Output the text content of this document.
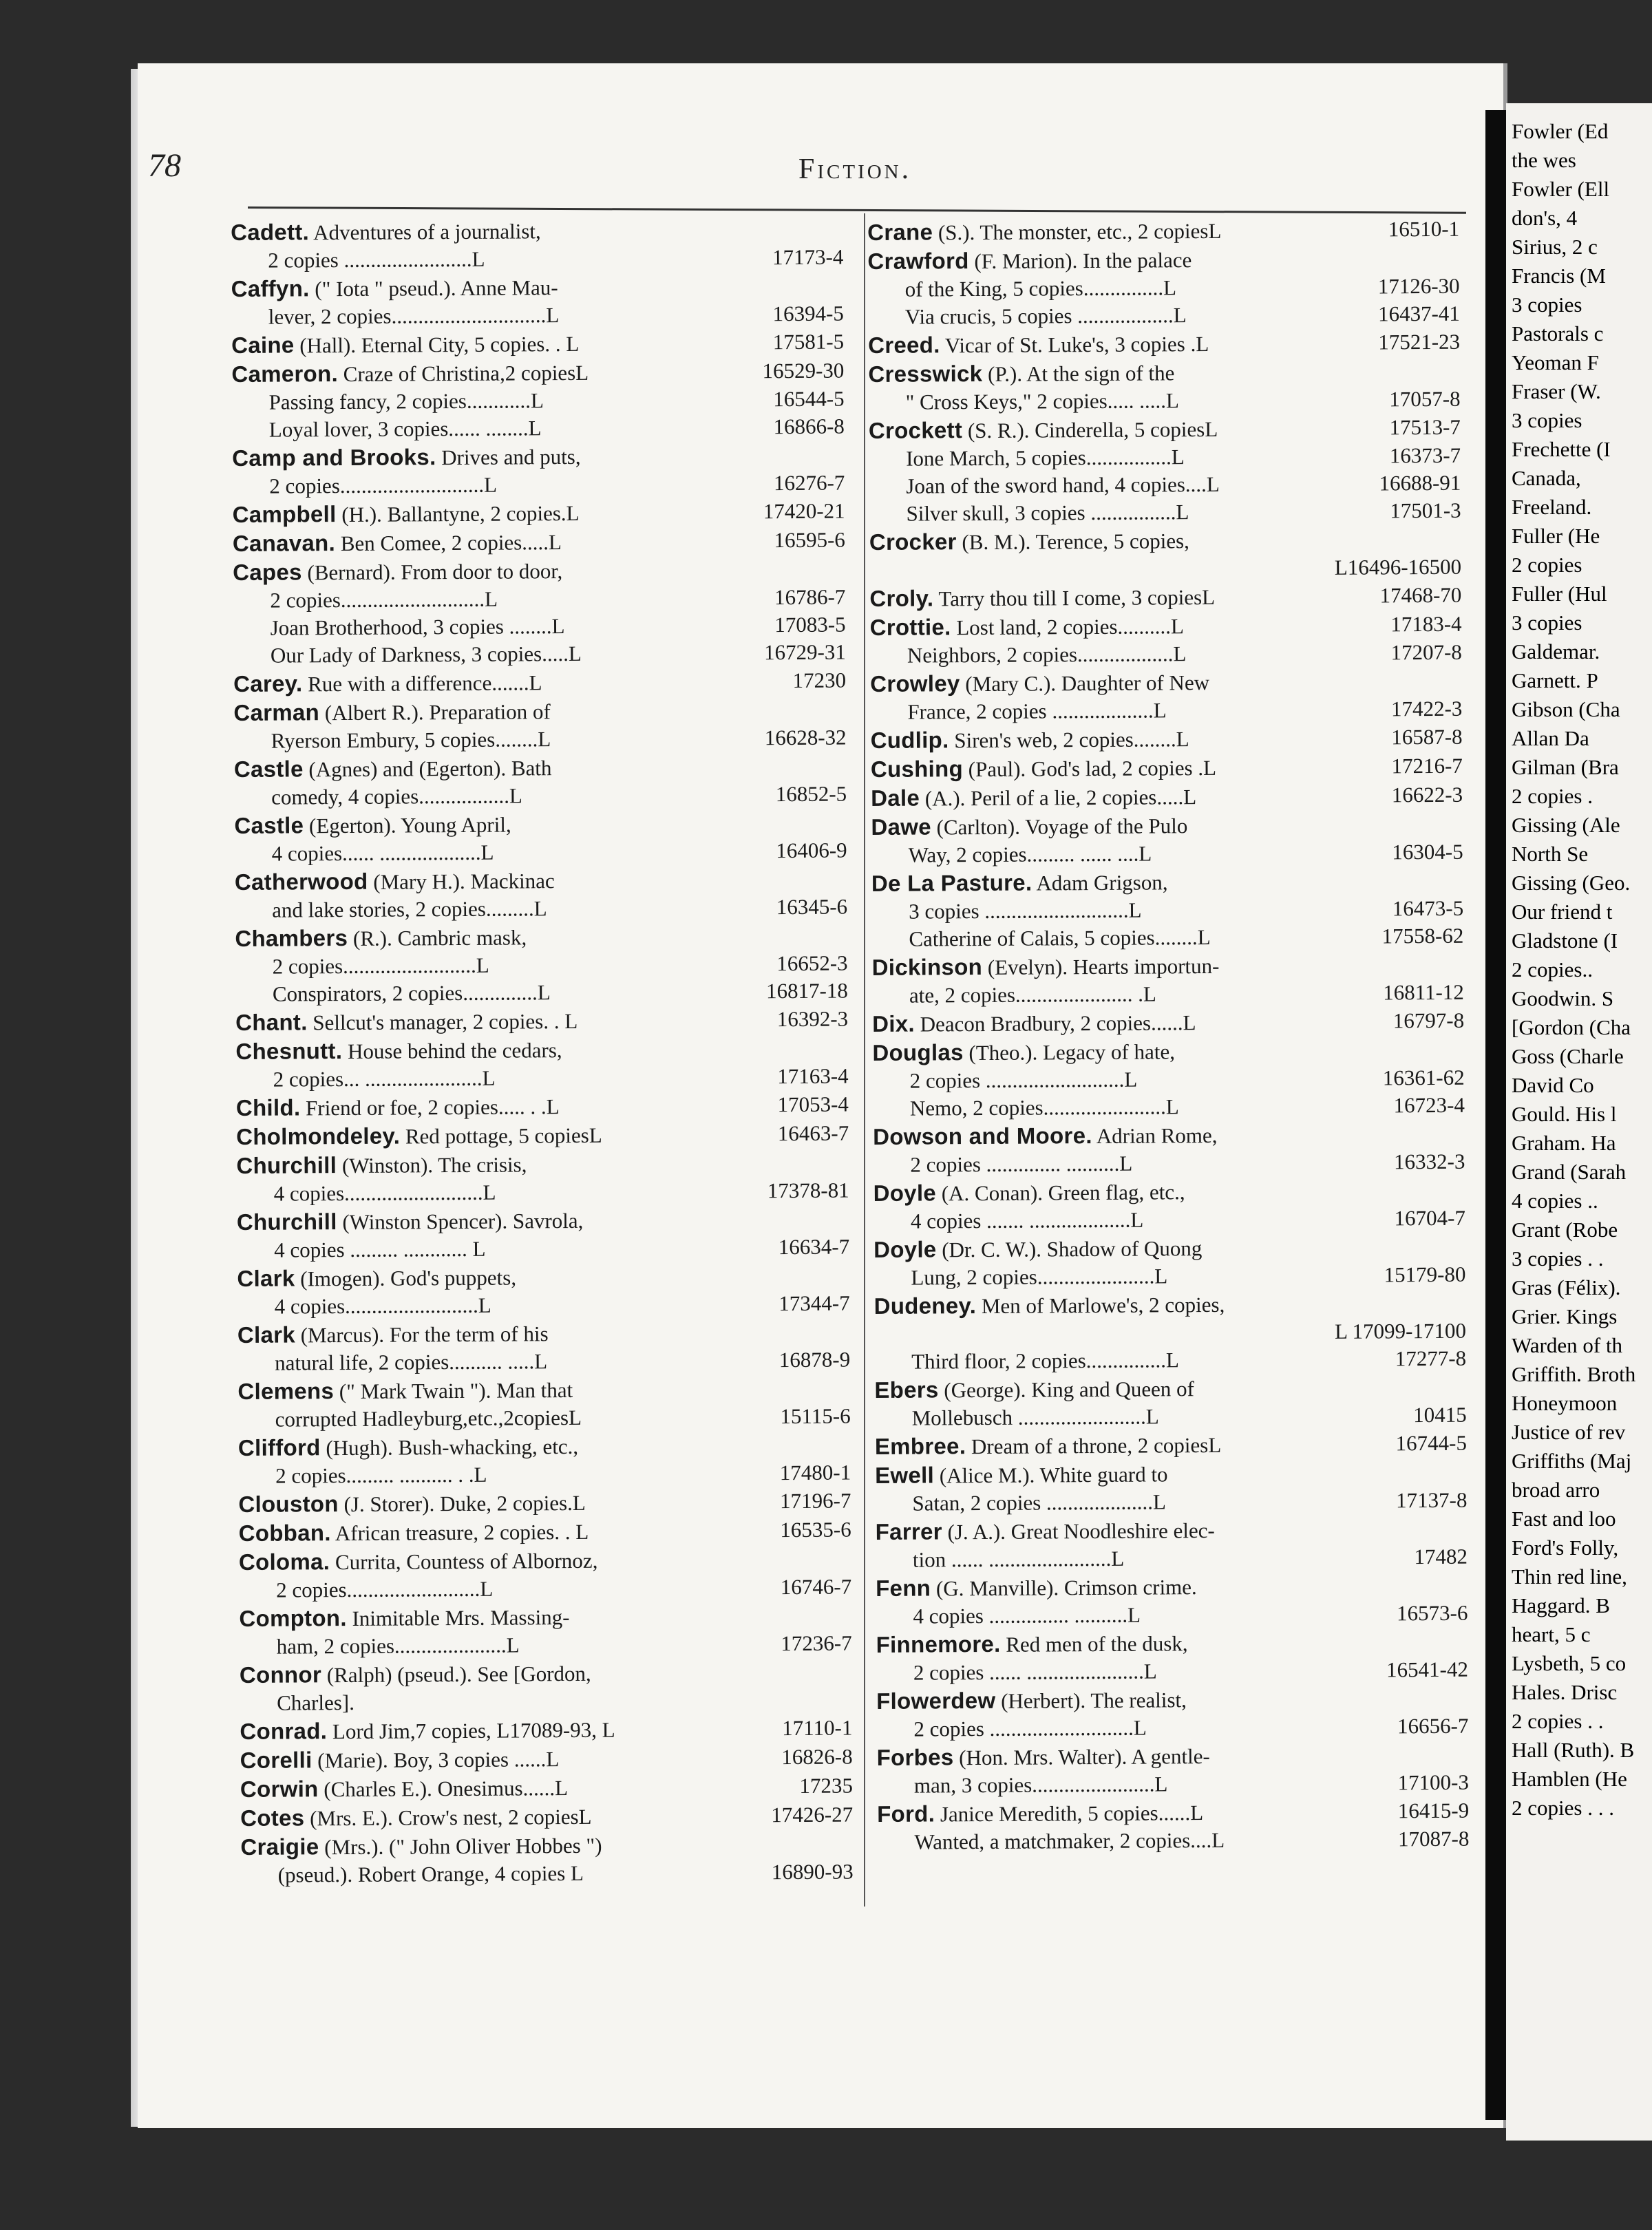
Fowler (Ed
the wes
Fowler (Ell
don's, 4
Sirius, 2 c
Francis (M
3 copies
Pastorals c
Yeoman F
Fraser (W.
3 copies
Frechette (I
Canada,
Freeland.
Fuller (He
2 copies
Fuller (Hul
3 copies
Galdemar.
Garnett. P
Gibson (Cha
Allan Da
Gilman (Bra
2 copies .
Gissing (Ale
North Se
Gissing (Geo.
Our friend t
Gladstone (I
2 copies..
Goodwin. S
[Gordon (Cha
Goss (Charle
David Co
Gould. His l
Graham. Ha
Grand (Sarah
4 copies ..
Grant (Robe
3 copies . .
Gras (Félix).
Grier. Kings
Warden of th
Griffith. Broth
Honeymoon
Justice of rev
Griffiths (Maj
broad arro
Fast and loo
Ford's Folly,
Thin red line,
Haggard. B
heart, 5 c
Lysbeth, 5 co
Hales. Drisc
2 copies . .
Hall (Ruth). B
Hamblen (He
2 copies . . .
78	Fiction.
Cadett. Adventures of a journalist,
2 copies ........................L	17173-4
Caffyn. (" Iota " pseud.). Anne Mau-
lever, 2 copies.............................L	16394-5
Caine (Hall). Eternal City, 5 copies. . L	17581-5
Cameron. Craze of Christina,2 copiesL	16529-30
Passing fancy, 2 copies............L	16544-5
Loyal lover, 3 copies...... ........L	16866-8
Camp and Brooks. Drives and puts,
2 copies...........................L	16276-7
Campbell (H.). Ballantyne, 2 copies.L	17420-21
Canavan. Ben Comee, 2 copies.....L	16595-6
Capes (Bernard). From door to door,
2 copies...........................L	16786-7
Joan Brotherhood, 3 copies ........L	17083-5
Our Lady of Darkness, 3 copies.....L	16729-31
Carey. Rue with a difference.......L	17230
Carman (Albert R.). Preparation of
Ryerson Embury, 5 copies........L	16628-32
Castle (Agnes) and (Egerton). Bath
comedy, 4 copies.................L	16852-5
Castle (Egerton). Young April,
4 copies...... ...................L	16406-9
Catherwood (Mary H.). Mackinac
and lake stories, 2 copies.........L	16345-6
Chambers (R.). Cambric mask,
2 copies.........................L	16652-3
Conspirators, 2 copies..............L	16817-18
Chant. Sellcut's manager, 2 copies. . L	16392-3
Chesnutt. House behind the cedars,
2 copies... ......................L	17163-4
Child. Friend or foe, 2 copies..... . .L	17053-4
Cholmondeley. Red pottage, 5 copiesL	16463-7
Churchill (Winston). The crisis,
4 copies..........................L	17378-81
Churchill (Winston Spencer). Savrola,
4 copies ......... ............ L	16634-7
Clark (Imogen). God's puppets,
4 copies.........................L	17344-7
Clark (Marcus). For the term of his
natural life, 2 copies.......... .....L	16878-9
Clemens (" Mark Twain "). Man that
corrupted Hadleyburg,etc.,2copiesL	15115-6
Clifford (Hugh). Bush-whacking, etc.,
2 copies......... .......... . .L	17480-1
Clouston (J. Storer). Duke, 2 copies.L	17196-7
Cobban. African treasure, 2 copies. . L	16535-6
Coloma. Currita, Countess of Albornoz,
2 copies.........................L	16746-7
Compton. Inimitable Mrs. Massing-
ham, 2 copies.....................L	17236-7
Connor (Ralph) (pseud.). See [Gordon,
Charles].
Conrad. Lord Jim,7 copies, L17089-93, L	17110-1
Corelli (Marie). Boy, 3 copies ......L	16826-8
Corwin (Charles E.). Onesimus......L	17235
Cotes (Mrs. E.). Crow's nest, 2 copiesL	17426-27
Craigie (Mrs.). (" John Oliver Hobbes ")
(pseud.). Robert Orange, 4 copies L	16890-93
Crane (S.). The monster, etc., 2 copiesL	16510-1
Crawford (F. Marion). In the palace
of the King, 5 copies...............L	17126-30
Via crucis, 5 copies ..................L	16437-41
Creed. Vicar of St. Luke's, 3 copies .L	17521-23
Cresswick (P.). At the sign of the
" Cross Keys," 2 copies..... .....L	17057-8
Crockett (S. R.). Cinderella, 5 copiesL	17513-7
Ione March, 5 copies................L	16373-7
Joan of the sword hand, 4 copies....L	16688-91
Silver skull, 3 copies ................L	17501-3
Crocker (B. M.). Terence, 5 copies,
L16496-16500
Croly. Tarry thou till I come, 3 copiesL	17468-70
Crottie. Lost land, 2 copies..........L	17183-4
Neighbors, 2 copies..................L	17207-8
Crowley (Mary C.). Daughter of New
France, 2 copies ...................L	17422-3
Cudlip. Siren's web, 2 copies........L	16587-8
Cushing (Paul). God's lad, 2 copies .L	17216-7
Dale (A.). Peril of a lie, 2 copies.....L	16622-3
Dawe (Carlton). Voyage of the Pulo
Way, 2 copies......... ...... ....L	16304-5
De La Pasture. Adam Grigson,
3 copies ...........................L	16473-5
Catherine of Calais, 5 copies........L	17558-62
Dickinson (Evelyn). Hearts importun-
ate, 2 copies...................... .L	16811-12
Dix. Deacon Bradbury, 2 copies......L	16797-8
Douglas (Theo.). Legacy of hate,
2 copies ..........................L	16361-62
Nemo, 2 copies.......................L	16723-4
Dowson and Moore. Adrian Rome,
2 copies .............. ..........L	16332-3
Doyle (A. Conan). Green flag, etc.,
4 copies ....... ...................L	16704-7
Doyle (Dr. C. W.). Shadow of Quong
Lung, 2 copies......................L	15179-80
Dudeney. Men of Marlowe's, 2 copies,
L 17099-17100
Third floor, 2 copies...............L	17277-8
Ebers (George). King and Queen of
Mollebusch ........................L	10415
Embree. Dream of a throne, 2 copiesL	16744-5
Ewell (Alice M.). White guard to
Satan, 2 copies ....................L	17137-8
Farrer (J. A.). Great Noodleshire elec-
tion ...... .......................L	17482
Fenn (G. Manville). Crimson crime.
4 copies ............... ..........L	16573-6
Finnemore. Red men of the dusk,
2 copies ...... ......................L	16541-42
Flowerdew (Herbert). The realist,
2 copies ...........................L	16656-7
Forbes (Hon. Mrs. Walter). A gentle-
man, 3 copies.......................L	17100-3
Ford. Janice Meredith, 5 copies......L	16415-9
Wanted, a matchmaker, 2 copies....L	17087-8
